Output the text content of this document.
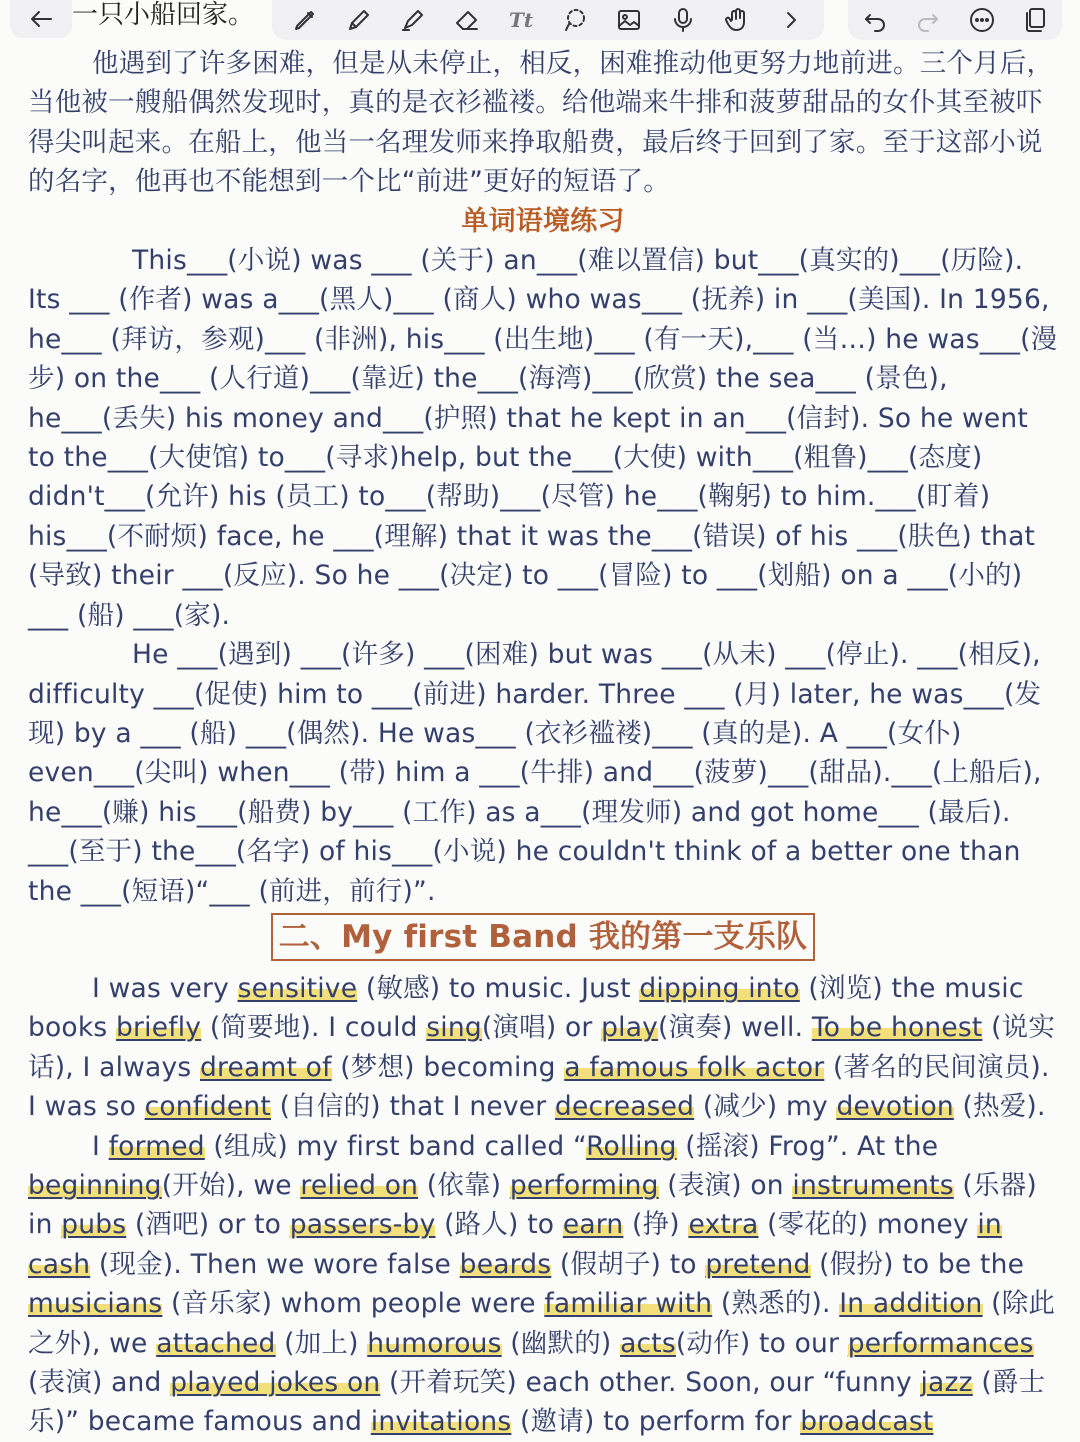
一只小船回家。	Tt

他遇到了许多困难，但是从未停止，相反，困难推动他更努力地前进。三个月后，当他被一艘船偶然发现时，真的是衣衫褴褛。给他端来牛排和菠萝甜品的女仆其至被吓得尖叫起来。在船上，他当一名理发师来挣取船费，最后终于回到了家。至于这部小说的名字，他再也不能想到一个比“前进”更好的短语了。

单词语境练习

This___(小说) was ___ (关于) an___(难以置信) but___(真实的)___(历险). Its ___ (作者) was a___(黑人)___ (商人) who was___ (抚养) in ___(美国). In 1956, he___ (拜访，参观)___ (非洲), his___ (出生地)___ (有一天),___ (当…) he was___(漫步) on the___ (人行道)___(靠近) the___(海湾)___(欣赏) the sea___ (景色), he___(丢失) his money and___(护照) that he kept in an___(信封). So he went to the___(大使馆) to___(寻求)help, but the___(大使) with___(粗鲁)___(态度) didn't___(允许) his (员工) to___(帮助)___(尽管) he___(鞠躬) to him.___(盯着) his___(不耐烦) face, he ___(理解) that it was the___(错误) of his ___(肤色) that (导致) their ___(反应). So he ___(决定) to ___(冒险) to ___(划船) on a ___(小的) ___ (船) ___(家).

He ___(遇到) ___(许多) ___(困难) but was ___(从未) ___(停止). ___(相反), difficulty ___(促使) him to ___(前进) harder. Three ___ (月) later, he was___(发现) by a ___ (船) ___(偶然). He was___ (衣衫褴褛)___ (真的是). A ___(女仆) even___(尖叫) when___ (带) him a ___(牛排) and___(菠萝)___(甜品).___(上船后), he___(赚) his___(船费) by___ (工作) as a___(理发师) and got home___ (最后). ___(至于) the___(名字) of his___(小说) he couldn't think of a better one than the ___(短语)“___ (前进，前行)”.

二、My first Band 我的第一支乐队

I was very sensitive (敏感) to music. Just dipping into (浏览) the music books briefly (简要地). I could sing(演唱) or play(演奏) well. To be honest (说实话), I always dreamt of (梦想) becoming a famous folk actor (著名的民间演员). I was so confident (自信的) that I never decreased (减少) my devotion (热爱).

I formed (组成) my first band called “Rolling (摇滚) Frog”. At the beginning(开始), we relied on (依靠) performing (表演) on instruments (乐器) in pubs (酒吧) or to passers-by (路人) to earn (挣) extra (零花的) money in cash (现金). Then we wore false beards (假胡子) to pretend (假扮) to be the musicians (音乐家) whom people were familiar with (熟悉的). In addition (除此之外), we attached (加上) humorous (幽默的) acts(动作) to our performances (表演) and played jokes on (开着玩笑) each other. Soon, our “funny jazz (爵士乐)” became famous and invitations (邀请) to perform for broadcast
